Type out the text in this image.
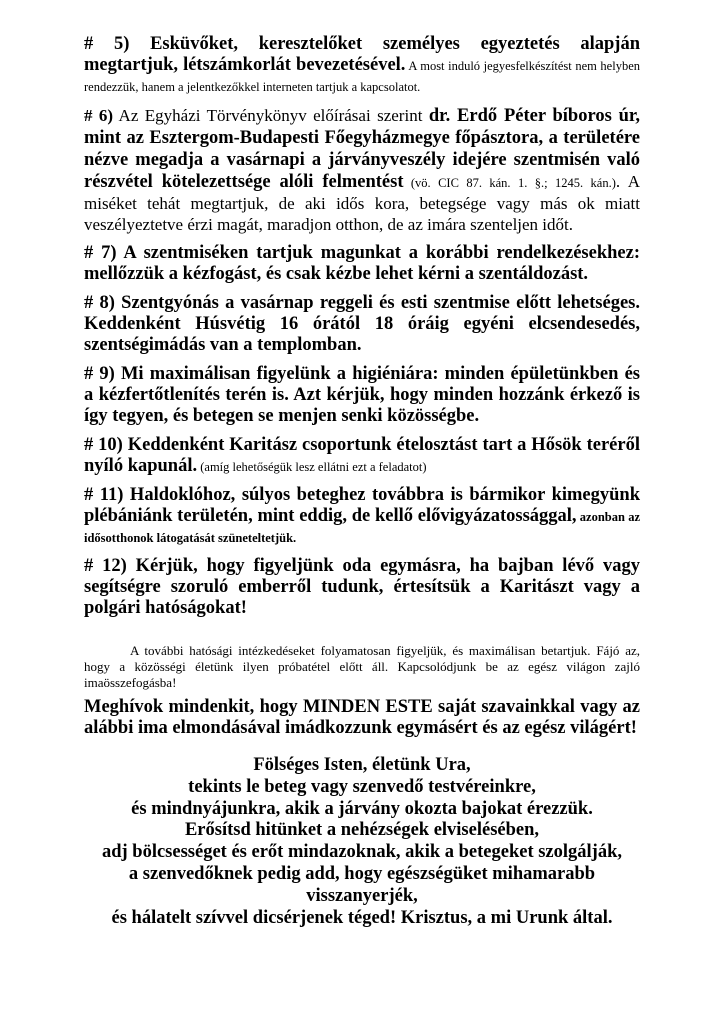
# 5) Esküvőket, keresztelőket személyes egyeztetés alapján megtartjuk, létszámkorlát bevezetésével. A most induló jegyesfelkészítést nem helyben rendezzük, hanem a jelentkezőkkel interneten tartjuk a kapcsolatot.

# 6) Az Egyházi Törvénykönyv előírásai szerint dr. Erdő Péter bíboros úr, mint az Esztergom-Budapesti Főegyházmegye főpásztora, a területére nézve megadja a vasárnapi a járványveszély idejére szentmisén való részvétel kötelezettsége alóli felmentést (vö. CIC 87. kán. 1. §.; 1245. kán.). A miséket tehát megtartjuk, de aki idős kora, betegsége vagy más ok miatt veszélyeztetve érzi magát, maradjon otthon, de az imára szenteljen időt.

# 7) A szentmiséken tartjuk magunkat a korábbi rendelkezésekhez: mellőzzük a kézfogást, és csak kézbe lehet kérni a szentáldozást.

# 8) Szentgyónás a vasárnap reggeli és esti szentmise előtt lehetséges. Keddenként Húsvétig 16 órától 18 óráig egyéni elcsendesedés, szentségimádás van a templomban.

# 9) Mi maximálisan figyelünk a higiéniára: minden épületünkben és a kézfertőtlenítés terén is. Azt kérjük, hogy minden hozzánk érkező is így tegyen, és betegen se menjen senki közösségbe.

# 10) Keddenként Karitász csoportunk ételosztást tart a Hősök teréről nyíló kapunál. (amíg lehetőségük lesz ellátni ezt a feladatot)

# 11) Haldoklóhoz, súlyos beteghez továbbra is bármikor kimegyünk plébániánk területén, mint eddig, de kellő elővigyázatossággal, azonban az idősotthonok látogatását szüneteltetjük.

# 12) Kérjük, hogy figyeljünk oda egymásra, ha bajban lévő vagy segítségre szoruló emberről tudunk, értesítsük a Karitászt vagy a polgári hatóságokat!

A további hatósági intézkedéseket folyamatosan figyeljük, és maximálisan betartjuk. Fájó az, hogy a közösségi életünk ilyen próbatétel előtt áll. Kapcsolódjunk be az egész világon zajló imaösszefogásba!

Meghívok mindenkit, hogy MINDEN ESTE saját szavainkkal vagy az alábbi ima elmondásával imádkozzunk egymásért és az egész világért!

Fölséges Isten, életünk Ura,
tekints le beteg vagy szenvedő testvéreinkre,
és mindnyájunkra, akik a járvány okozta bajokat érezzük.
Erősítsd hitünket a nehézségek elviselésében,
adj bölcsességet és erőt mindazoknak, akik a betegeket szolgálják,
a szenvedőknek pedig add, hogy egészségüket mihamarabb
visszanyerjék,
és hálatelt szívvel dicsérjenek téged! Krisztus, a mi Urunk által.
